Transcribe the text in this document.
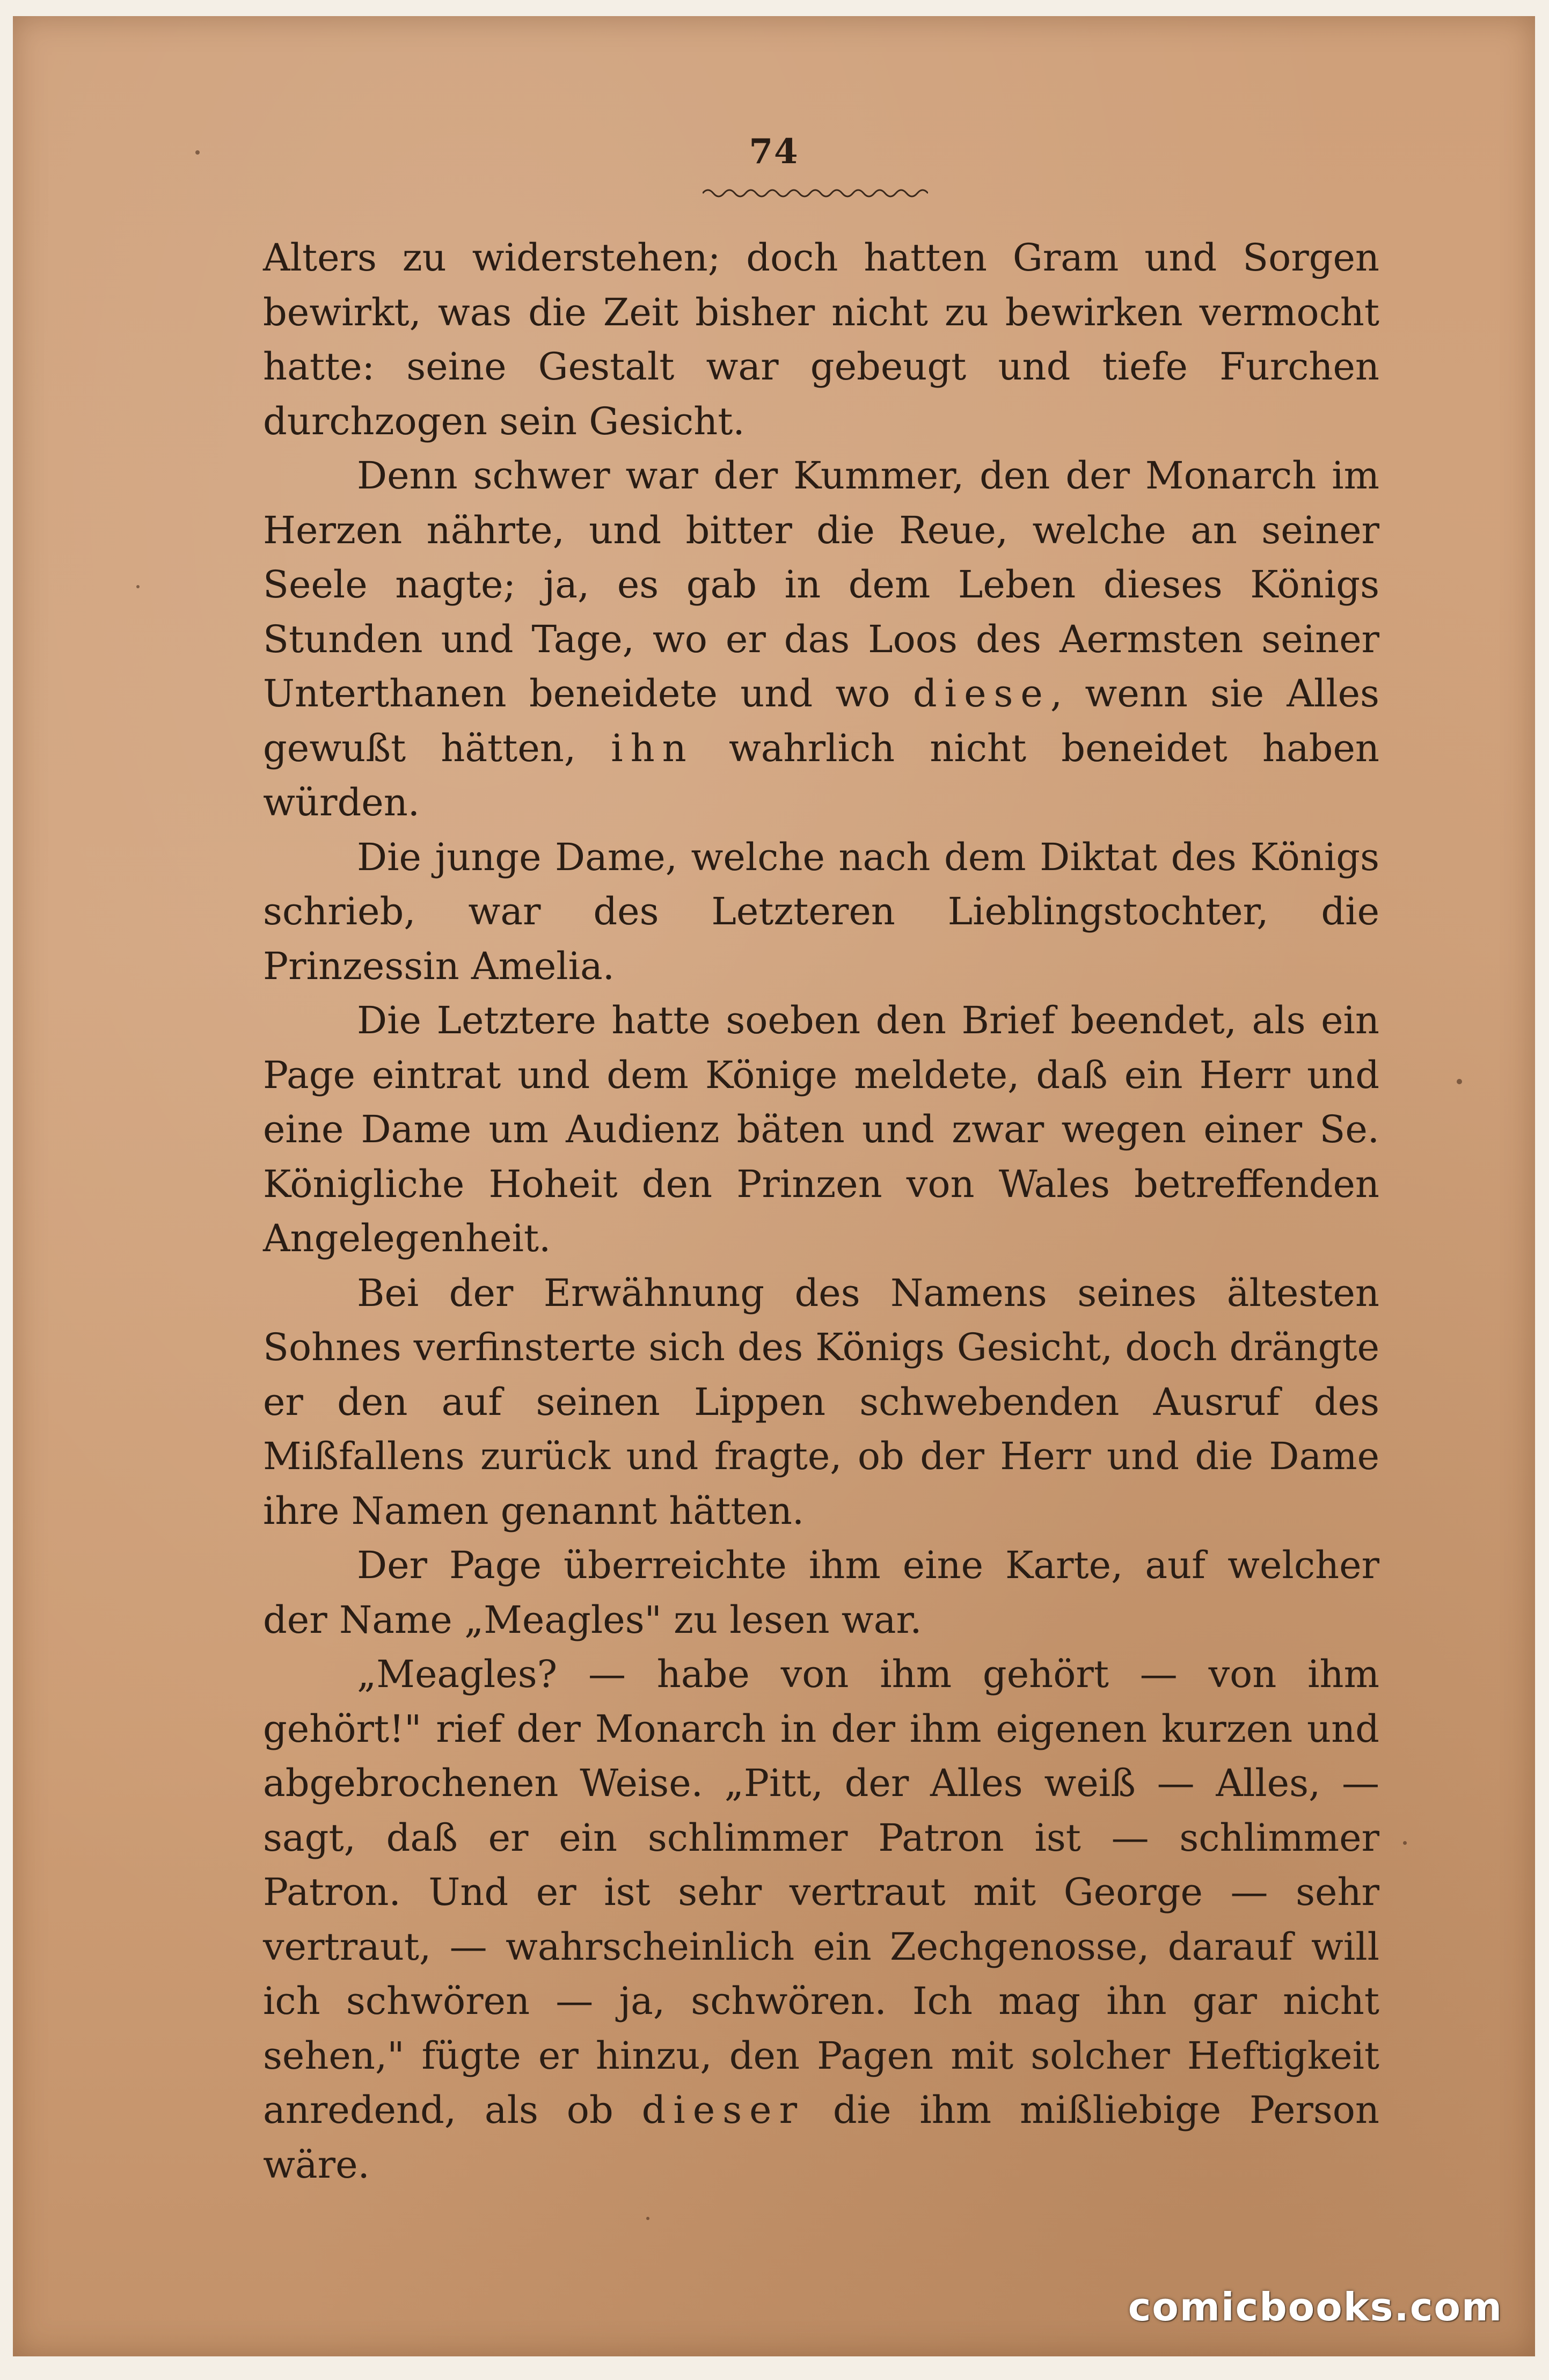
74

Alters zu widerstehen; doch hatten Gram und Sorgen bewirkt, was die Zeit bisher nicht zu bewirken vermocht hatte: seine Gestalt war gebeugt und tiefe Furchen durchzogen sein Gesicht.

Denn schwer war der Kummer, den der Monarch im Herzen nährte, und bitter die Reue, welche an seiner Seele nagte; ja, es gab in dem Leben dieses Königs Stunden und Tage, wo er das Loos des Aermsten seiner Unterthanen beneidete und wo diese, wenn sie Alles gewußt hätten, ihn wahrlich nicht beneidet haben würden.

Die junge Dame, welche nach dem Diktat des Königs schrieb, war des Letzteren Lieblingstochter, die Prinzessin Amelia.

Die Letztere hatte soeben den Brief beendet, als ein Page eintrat und dem Könige meldete, daß ein Herr und eine Dame um Audienz bäten und zwar wegen einer Se. Königliche Hoheit den Prinzen von Wales betreffenden Angelegenheit.

Bei der Erwähnung des Namens seines ältesten Sohnes verfinsterte sich des Königs Gesicht, doch drängte er den auf seinen Lippen schwebenden Ausruf des Mißfallens zurück und fragte, ob der Herr und die Dame ihre Namen genannt hätten.

Der Page überreichte ihm eine Karte, auf welcher der Name „Meagles" zu lesen war.

„Meagles? — habe von ihm gehört — von ihm gehört!" rief der Monarch in der ihm eigenen kurzen und abgebrochenen Weise. „Pitt, der Alles weiß — Alles, — sagt, daß er ein schlimmer Patron ist — schlimmer Patron. Und er ist sehr vertraut mit George — sehr vertraut, — wahrscheinlich ein Zechgenosse, darauf will ich schwören — ja, schwören. Ich mag ihn gar nicht sehen," fügte er hinzu, den Pagen mit solcher Heftigkeit anredend, als ob dieser die ihm mißliebige Person wäre.

comicbooks.com
